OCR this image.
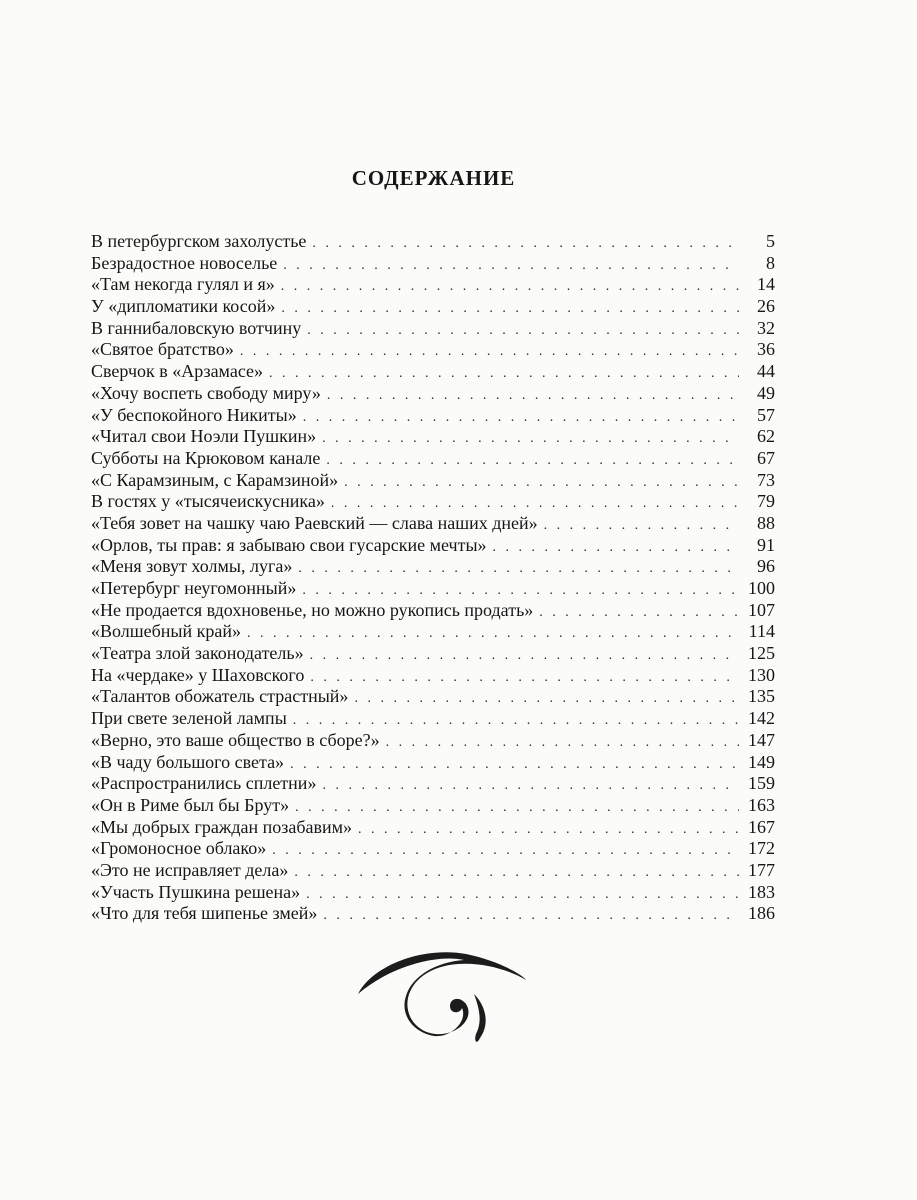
СОДЕРЖАНИЕ
В петербургском захолустье . . .	5
Безрадостное новоселье . . .	8
«Там некогда гулял и я» . . .	14
У «дипломатики косой» . . .	26
В ганнибаловскую вотчину . . .	32
«Святое братство» . . .	36
Сверчок в «Арзамасе» . . .	44
«Хочу воспеть свободу миру» . . .	49
«У беспокойного Никиты» . . .	57
«Читал свои Ноэли Пушкин» . . .	62
Субботы на Крюковом канале . . .	67
«С Карамзиным, с Карамзиной» . . .	73
В гостях у «тысячеискусника» . . .	79
«Тебя зовет на чашку чаю Раевский — слава наших дней» . . .	88
«Орлов, ты прав: я забываю свои гусарские мечты» . . .	91
«Меня зовут холмы, луга» . . .	96
«Петербург неугомонный» . . .	100
«Не продается вдохновенье, но можно рукопись продать» . . .	107
«Волшебный край» . . .	114
«Театра злой законодатель» . . .	125
На «чердаке» у Шаховского . . .	130
«Талантов обожатель страстный» . . .	135
При свете зеленой лампы . . .	142
«Верно, это ваше общество в сборе?» . . .	147
«В чаду большого света» . . .	149
«Распространились сплетни» . . .	159
«Он в Риме был бы Брут» . . .	163
«Мы добрых граждан позабавим» . . .	167
«Громоносное облако» . . .	172
«Это не исправляет дела» . . .	177
«Участь Пушкина решена» . . .	183
«Что для тебя шипенье змей» . . .	186
